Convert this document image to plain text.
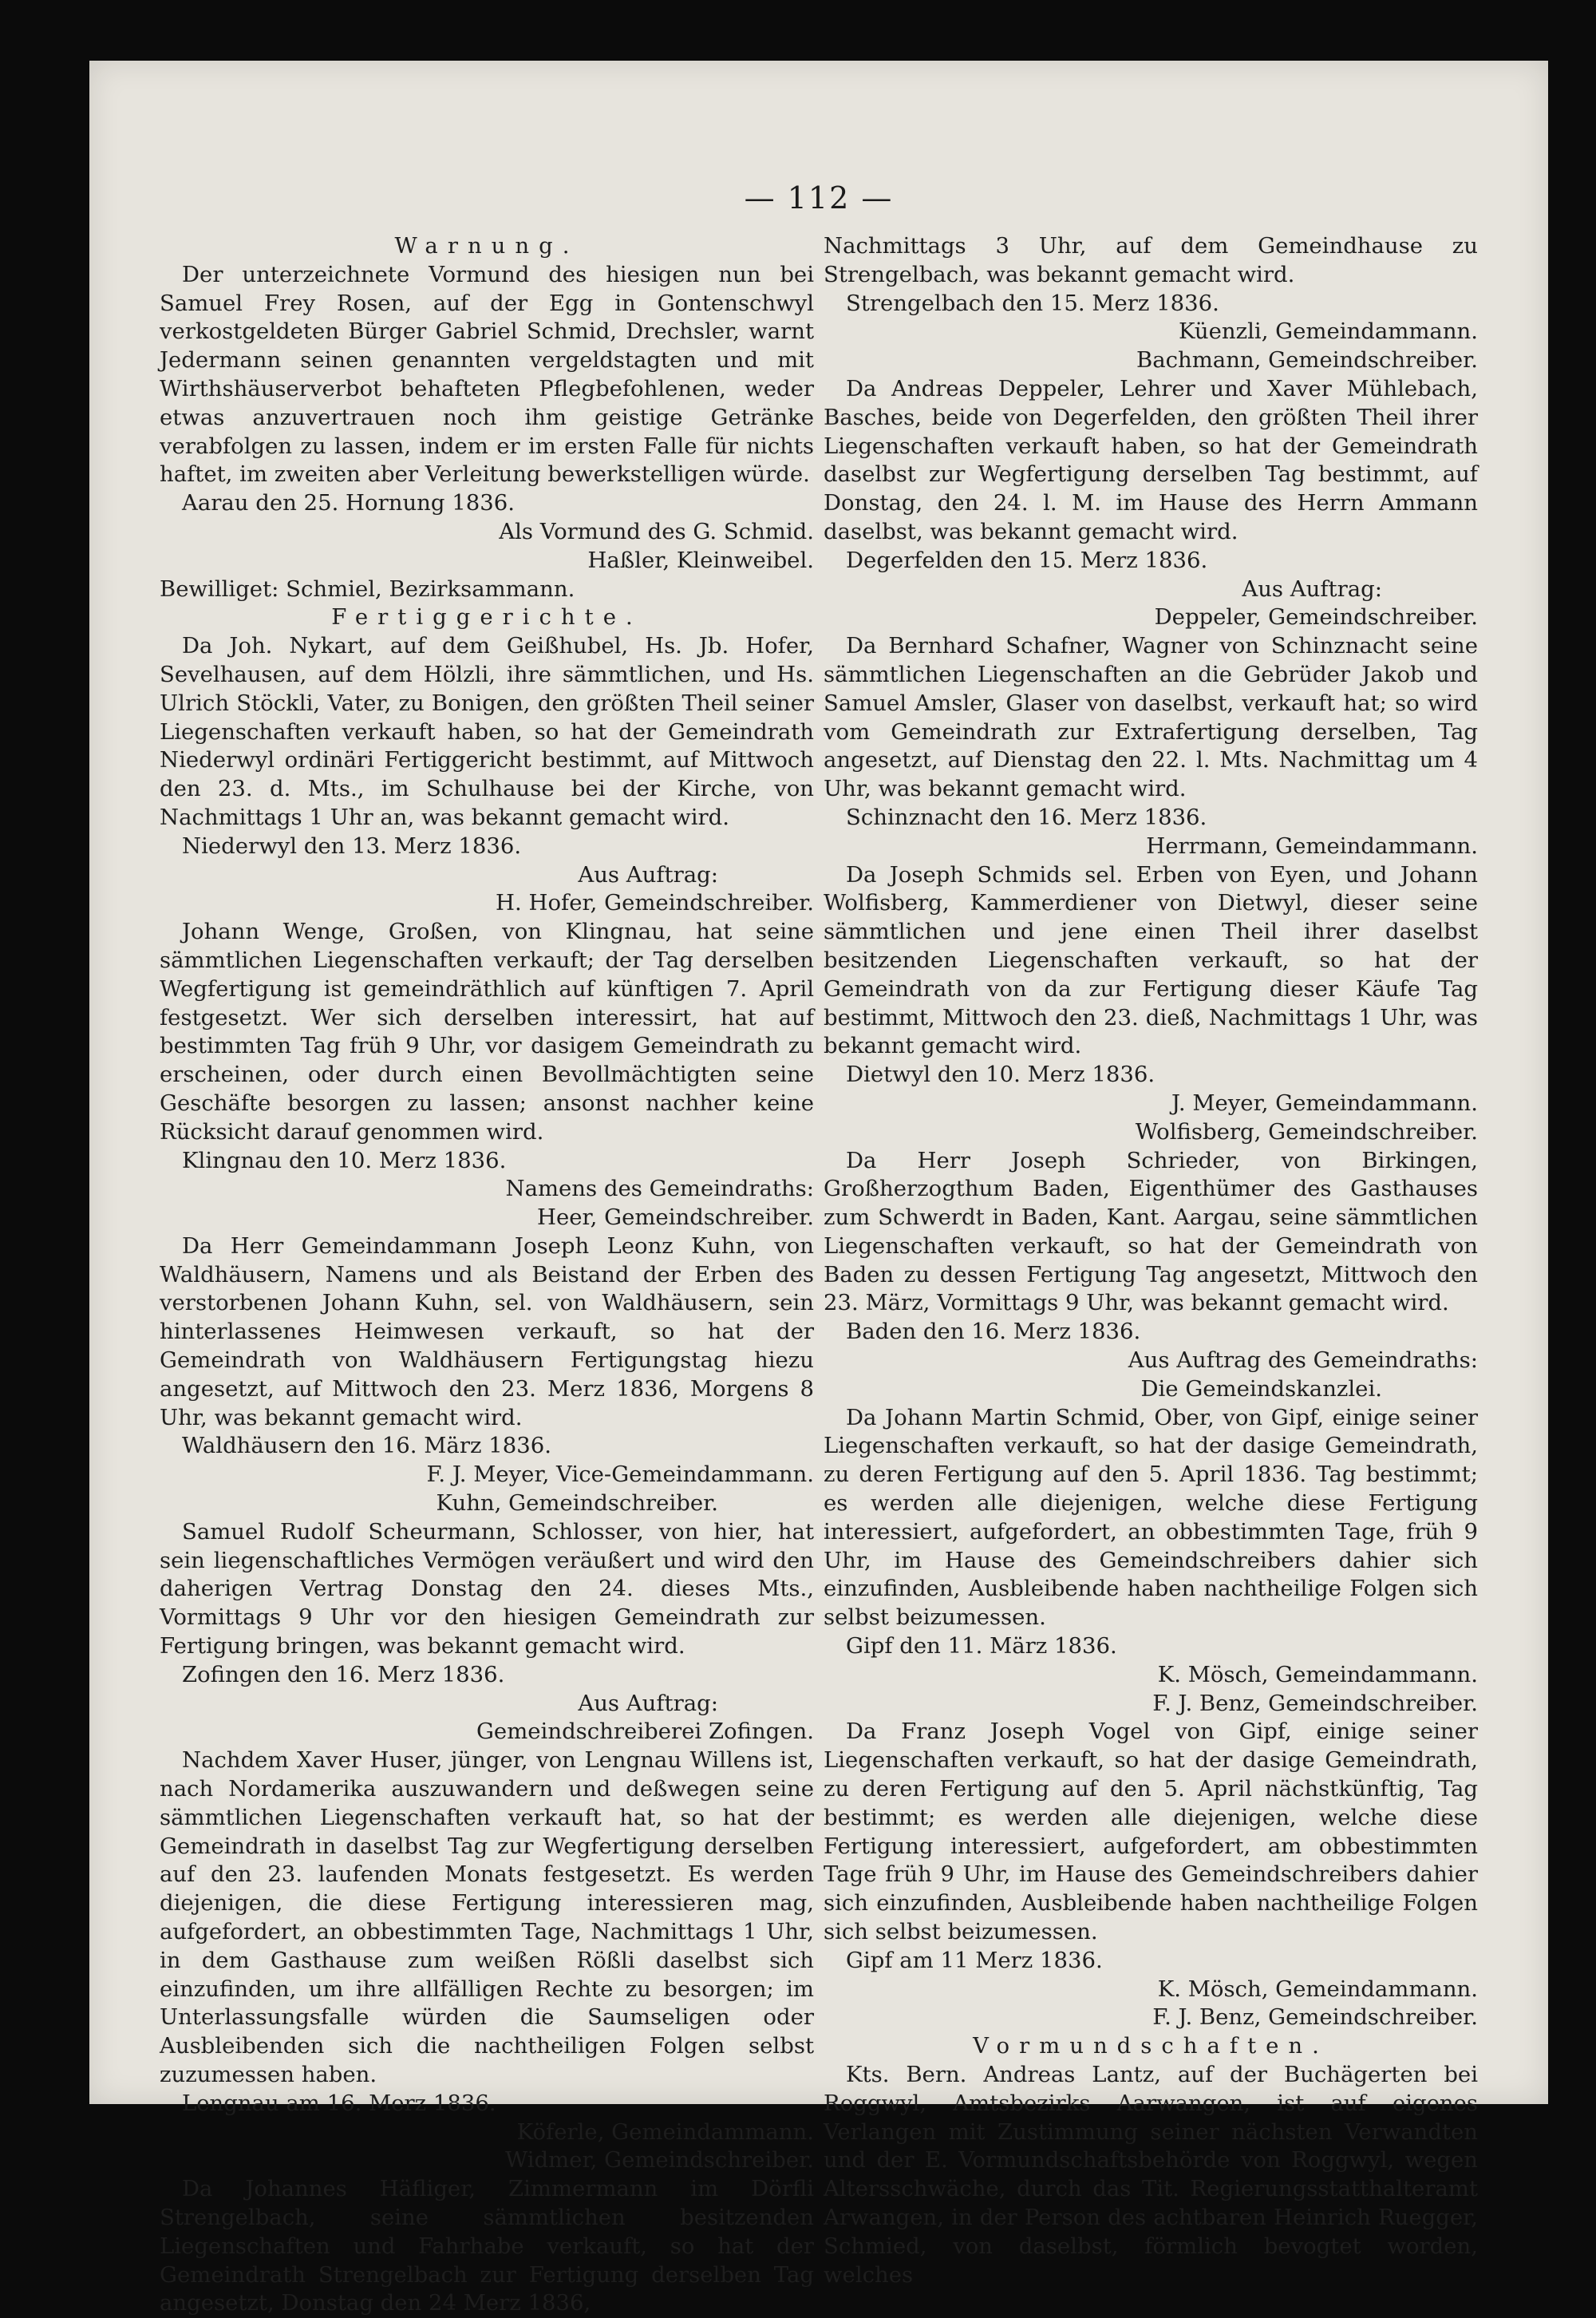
— 112 —

Warnung.

Der unterzeichnete Vormund des hiesigen nun bei Samuel Frey Rosen, auf der Egg in Gontenschwyl verkostgeldeten Bürger Gabriel Schmid, Drechsler, warnt Jedermann seinen genannten vergeldstagten und mit Wirthshäuserverbot behafteten Pflegbefohlenen, weder etwas anzuvertrauen noch ihm geistige Getränke verabfolgen zu lassen, indem er im ersten Falle für nichts haftet, im zweiten aber Verleitung bewerkstelligen würde.

Aarau den 25. Hornung 1836.

Als Vormund des G. Schmid.

Haßler, Kleinweibel.

Bewilliget: Schmiel, Bezirksammann.

Fertiggerichte.

Da Joh. Nykart, auf dem Geißhubel, Hs. Jb. Hofer, Sevelhausen, auf dem Hölzli, ihre sämmtlichen, und Hs. Ulrich Stöckli, Vater, zu Bonigen, den größten Theil seiner Liegenschaften verkauft haben, so hat der Gemeindrath Niederwyl ordinäri Fertiggericht bestimmt, auf Mittwoch den 23. d. Mts., im Schulhause bei der Kirche, von Nachmittags 1 Uhr an, was bekannt gemacht wird.

Niederwyl den 13. Merz 1836.

Aus Auftrag:

H. Hofer, Gemeindschreiber.

Johann Wenge, Großen, von Klingnau, hat seine sämmtlichen Liegenschaften verkauft; der Tag derselben Wegfertigung ist gemeindräthlich auf künftigen 7. April festgesetzt. Wer sich derselben interessirt, hat auf bestimmten Tag früh 9 Uhr, vor dasigem Gemeindrath zu erscheinen, oder durch einen Bevollmächtigten seine Geschäfte besorgen zu lassen; ansonst nachher keine Rücksicht darauf genommen wird.

Klingnau den 10. Merz 1836.

Namens des Gemeindraths:

Heer, Gemeindschreiber.

Da Herr Gemeindammann Joseph Leonz Kuhn, von Waldhäusern, Namens und als Beistand der Erben des verstorbenen Johann Kuhn, sel. von Waldhäusern, sein hinterlassenes Heimwesen verkauft, so hat der Gemeindrath von Waldhäusern Fertigungstag hiezu angesetzt, auf Mittwoch den 23. Merz 1836, Morgens 8 Uhr, was bekannt gemacht wird.

Waldhäusern den 16. März 1836.

F. J. Meyer, Vice-Gemeindammann.

Kuhn, Gemeindschreiber.

Samuel Rudolf Scheurmann, Schlosser, von hier, hat sein liegenschaftliches Vermögen veräußert und wird den daherigen Vertrag Donstag den 24. dieses Mts., Vormittags 9 Uhr vor den hiesigen Gemeindrath zur Fertigung bringen, was bekannt gemacht wird.

Zofingen den 16. Merz 1836.

Aus Auftrag:

Gemeindschreiberei Zofingen.

Nachdem Xaver Huser, jünger, von Lengnau Willens ist, nach Nordamerika auszuwandern und deßwegen seine sämmtlichen Liegenschaften verkauft hat, so hat der Gemeindrath in daselbst Tag zur Wegfertigung derselben auf den 23. laufenden Monats festgesetzt. Es werden diejenigen, die diese Fertigung interessieren mag, aufgefordert, an obbestimmten Tage, Nachmittags 1 Uhr, in dem Gasthause zum weißen Rößli daselbst sich einzufinden, um ihre allfälligen Rechte zu besorgen; im Unterlassungsfalle würden die Saumseligen oder Ausbleibenden sich die nachtheiligen Folgen selbst zuzumessen haben.

Lengnau am 16. Merz 1836.

Köferle, Gemeindammann.

Widmer, Gemeindschreiber.

Da Johannes Häfliger, Zimmermann im Dörfli Strengelbach, seine sämmtlichen besitzenden Liegenschaften und Fahrhabe verkauft, so hat der Gemeindrath Strengelbach zur Fertigung derselben Tag angesetzt, Donstag den 24 Merz 1836,

Nachmittags 3 Uhr, auf dem Gemeindhause zu Strengelbach, was bekannt gemacht wird.

Strengelbach den 15. Merz 1836.

Küenzli, Gemeindammann.

Bachmann, Gemeindschreiber.

Da Andreas Deppeler, Lehrer und Xaver Mühlebach, Basches, beide von Degerfelden, den größten Theil ihrer Liegenschaften verkauft haben, so hat der Gemeindrath daselbst zur Wegfertigung derselben Tag bestimmt, auf Donstag, den 24. l. M. im Hause des Herrn Ammann daselbst, was bekannt gemacht wird.

Degerfelden den 15. Merz 1836.

Aus Auftrag:

Deppeler, Gemeindschreiber.

Da Bernhard Schafner, Wagner von Schinznacht seine sämmtlichen Liegenschaften an die Gebrüder Jakob und Samuel Amsler, Glaser von daselbst, verkauft hat; so wird vom Gemeindrath zur Extrafertigung derselben, Tag angesetzt, auf Dienstag den 22. l. Mts. Nachmittag um 4 Uhr, was bekannt gemacht wird.

Schinznacht den 16. Merz 1836.

Herrmann, Gemeindammann.

Da Joseph Schmids sel. Erben von Eyen, und Johann Wolfisberg, Kammerdiener von Dietwyl, dieser seine sämmtlichen und jene einen Theil ihrer daselbst besitzenden Liegenschaften verkauft, so hat der Gemeindrath von da zur Fertigung dieser Käufe Tag bestimmt, Mittwoch den 23. dieß, Nachmittags 1 Uhr, was bekannt gemacht wird.

Dietwyl den 10. Merz 1836.

J. Meyer, Gemeindammann.

Wolfisberg, Gemeindschreiber.

Da Herr Joseph Schrieder, von Birkingen, Großherzogthum Baden, Eigenthümer des Gasthauses zum Schwerdt in Baden, Kant. Aargau, seine sämmtlichen Liegenschaften verkauft, so hat der Gemeindrath von Baden zu dessen Fertigung Tag angesetzt, Mittwoch den 23. März, Vormittags 9 Uhr, was bekannt gemacht wird.

Baden den 16. Merz 1836.

Aus Auftrag des Gemeindraths:

Die Gemeindskanzlei.

Da Johann Martin Schmid, Ober, von Gipf, einige seiner Liegenschaften verkauft, so hat der dasige Gemeindrath, zu deren Fertigung auf den 5. April 1836. Tag bestimmt; es werden alle diejenigen, welche diese Fertigung interessiert, aufgefordert, an obbestimmten Tage, früh 9 Uhr, im Hause des Gemeindschreibers dahier sich einzufinden, Ausbleibende haben nachtheilige Folgen sich selbst beizumessen.

Gipf den 11. März 1836.

K. Mösch, Gemeindammann.

F. J. Benz, Gemeindschreiber.

Da Franz Joseph Vogel von Gipf, einige seiner Liegenschaften verkauft, so hat der dasige Gemeindrath, zu deren Fertigung auf den 5. April nächstkünftig, Tag bestimmt; es werden alle diejenigen, welche diese Fertigung interessiert, aufgefordert, am obbestimmten Tage früh 9 Uhr, im Hause des Gemeindschreibers dahier sich einzufinden, Ausbleibende haben nachtheilige Folgen sich selbst beizumessen.

Gipf am 11 Merz 1836.

K. Mösch, Gemeindammann.

F. J. Benz, Gemeindschreiber.

Vormundschaften.

Kts. Bern. Andreas Lantz, auf der Buchägerten bei Roggwyl, Amtsbezirks Aarwangen, ist auf eigenes Verlangen mit Zustimmung seiner nächsten Verwandten und der E. Vormundschaftsbehörde von Roggwyl, wegen Altersschwäche, durch das Tit. Regierungsstatthalteramt Arwangen, in der Person des achtbaren Heinrich Ruegger, Schmied, von daselbst, förmlich bevogtet worden, welches
